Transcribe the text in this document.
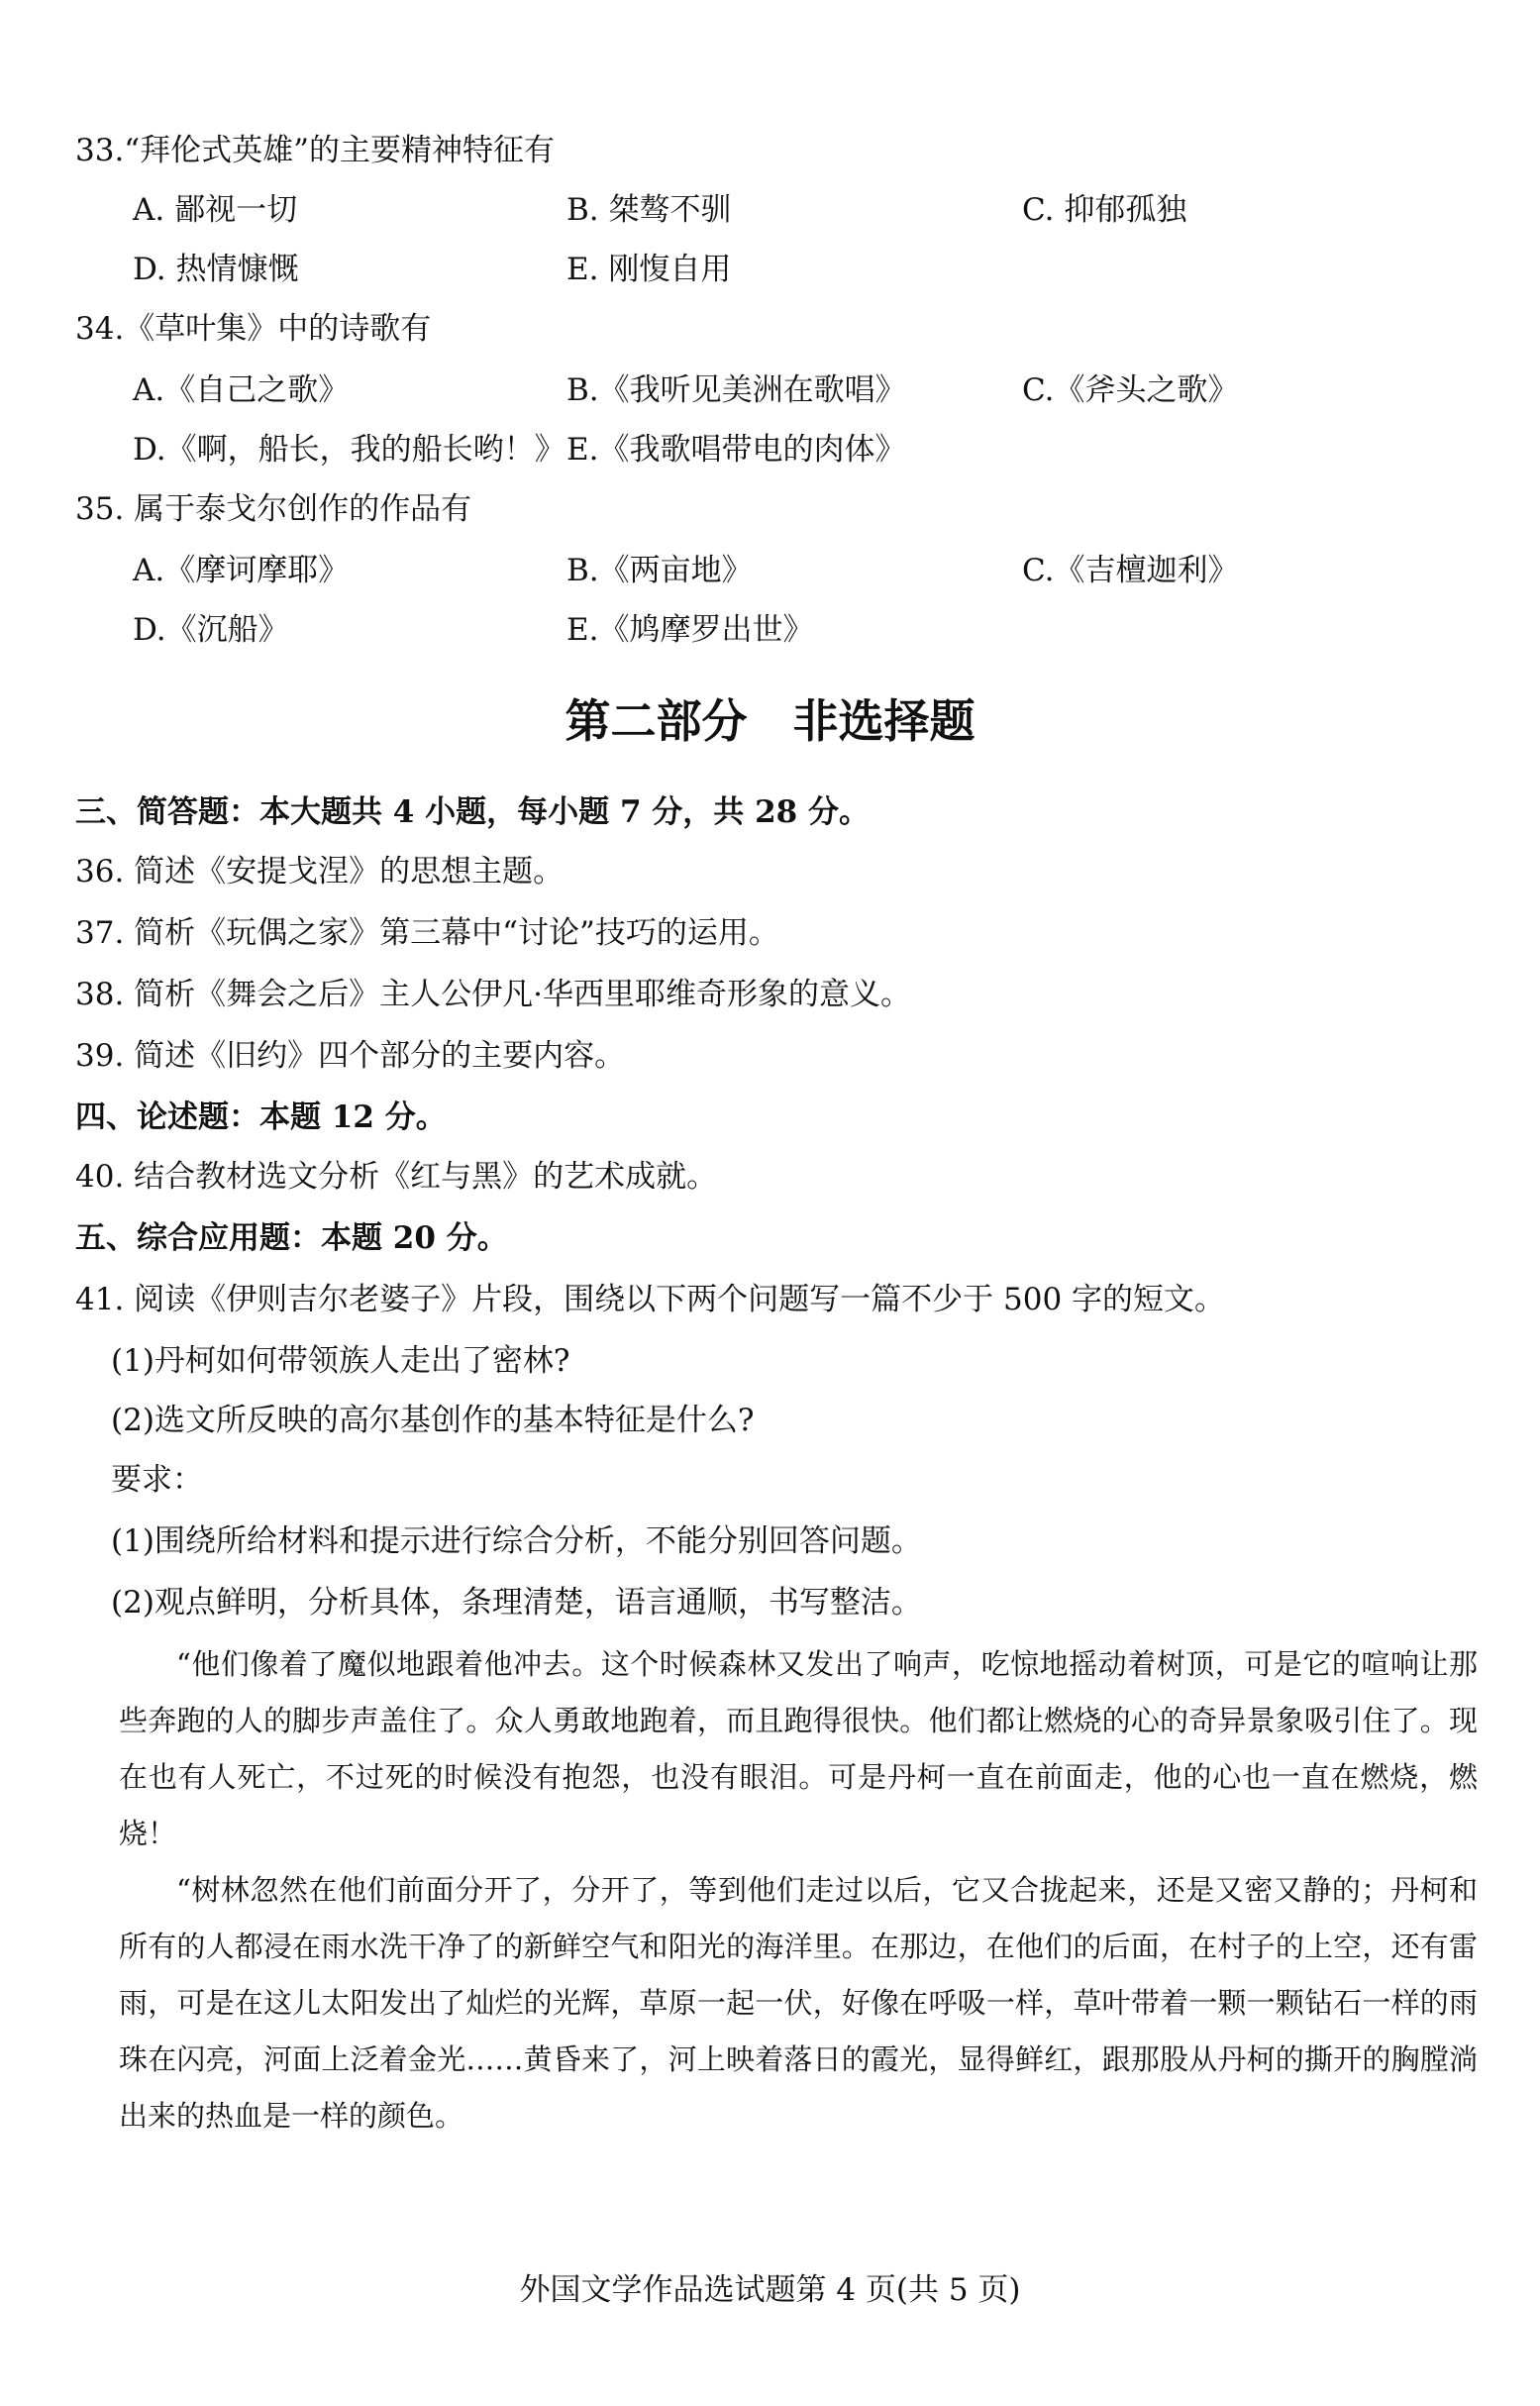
33.“拜伦式英雄”的主要精神特征有
A. 鄙视一切	B. 桀骜不驯	C. 抑郁孤独
D. 热情慷慨	E. 刚愎自用
34.《草叶集》中的诗歌有
A.《自己之歌》	B.《我听见美洲在歌唱》	C.《斧头之歌》
D.《啊，船长，我的船长哟！》 E.《我歌唱带电的肉体》
35. 属于泰戈尔创作的作品有
A.《摩诃摩耶》	B.《两亩地》	C.《吉檀迦利》
D.《沉船》	E.《鸠摩罗出世》
第二部分　非选择题
三、简答题：本大题共 4 小题，每小题 7 分，共 28 分。
36. 简述《安提戈涅》的思想主题。
37. 简析《玩偶之家》第三幕中“讨论”技巧的运用。
38. 简析《舞会之后》主人公伊凡·华西里耶维奇形象的意义。
39. 简述《旧约》四个部分的主要内容。
四、论述题：本题 12 分。
40. 结合教材选文分析《红与黑》的艺术成就。
五、综合应用题：本题 20 分。
41. 阅读《伊则吉尔老婆子》片段，围绕以下两个问题写一篇不少于 500 字的短文。
(1)丹柯如何带领族人走出了密林?
(2)选文所反映的高尔基创作的基本特征是什么?
要求：
(1)围绕所给材料和提示进行综合分析，不能分别回答问题。
(2)观点鲜明，分析具体，条理清楚，语言通顺，书写整洁。

“他们像着了魔似地跟着他冲去。这个时候森林又发出了响声，吃惊地摇动着树顶，可是它的喧响让那些奔跑的人的脚步声盖住了。众人勇敢地跑着，而且跑得很快。他们都让燃烧的心的奇异景象吸引住了。现在也有人死亡，不过死的时候没有抱怨，也没有眼泪。可是丹柯一直在前面走，他的心也一直在燃烧，燃烧！

“树林忽然在他们前面分开了，分开了，等到他们走过以后，它又合拢起来，还是又密又静的；丹柯和所有的人都浸在雨水洗干净了的新鲜空气和阳光的海洋里。在那边，在他们的后面，在村子的上空，还有雷雨，可是在这儿太阳发出了灿烂的光辉，草原一起一伏，好像在呼吸一样，草叶带着一颗一颗钻石一样的雨珠在闪亮，河面上泛着金光……黄昏来了，河上映着落日的霞光，显得鲜红，跟那股从丹柯的撕开的胸膛淌出来的热血是一样的颜色。

外国文学作品选试题第 4 页(共 5 页)
